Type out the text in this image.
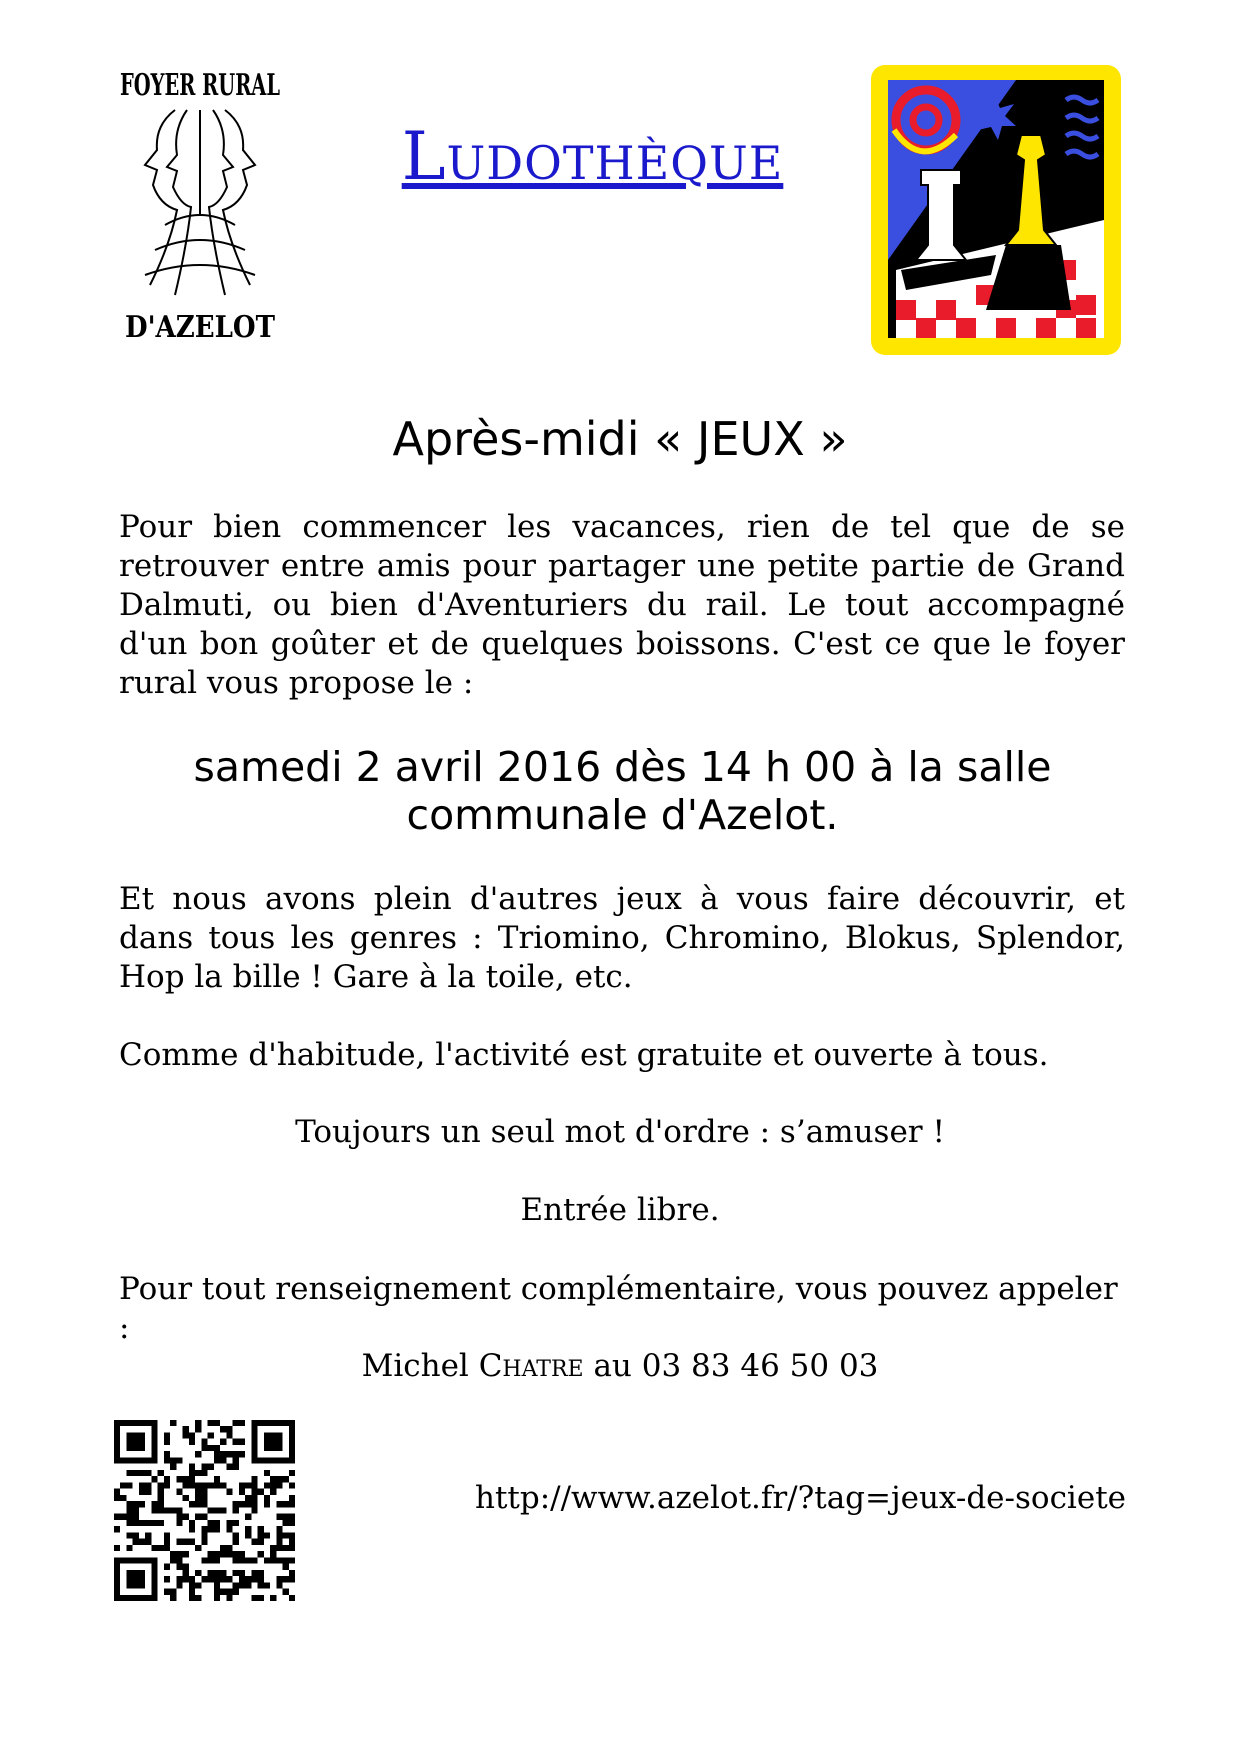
FOYER RURAL
D'AZELOT
Ludothèque
Après-midi « JEUX »
Pour bien commencer les vacances, rien de tel que de se retrouver entre amis pour partager une petite partie de Grand Dalmuti, ou bien d'Aventuriers du rail. Le tout accompagné d'un bon goûter et de quelques boissons. C'est ce que le foyer rural vous propose le :
samedi 2 avril 2016 dès 14 h 00 à la salle
communale d'Azelot.
Et nous avons plein d'autres jeux à vous faire découvrir, et dans tous les genres : Triomino, Chromino, Blokus, Splendor, Hop la bille ! Gare à la toile, etc.
Comme d'habitude, l'activité est gratuite et ouverte à tous.
Toujours un seul mot d'ordre : s’amuser !
Entrée libre.
Pour tout renseignement complémentaire, vous pouvez appeler :
Michel Chatre au 03 83 46 50 03
http://www.azelot.fr/?tag=jeux-de-societe
